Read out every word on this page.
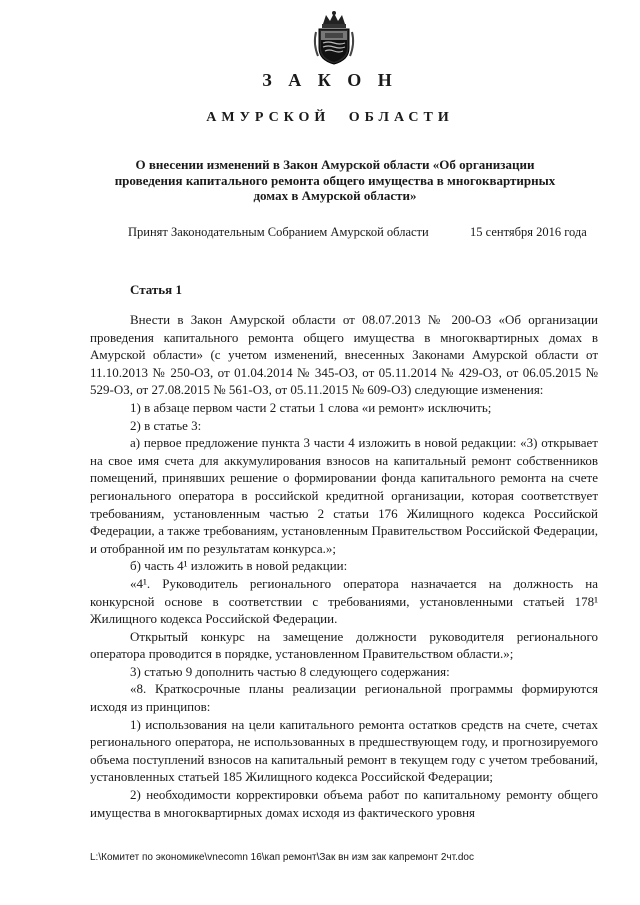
З А К О Н
АМУРСКОЙ ОБЛАСТИ
О внесении изменений в Закон Амурской области «Об организации
проведения капитального ремонта общего имущества в многоквартирных
домах в Амурской области»
Принят Законодательным Собранием Амурской области	15 сентября 2016 года
Статья 1

Внести в Закон Амурской области от 08.07.2013 № 200-ОЗ «Об организации проведения капитального ремонта общего имущества в многоквартирных домах в Амурской области» (с учетом изменений, внесенных Законами Амурской области от 11.10.2013 № 250-ОЗ, от 01.04.2014 № 345-ОЗ, от 05.11.2014 № 429-ОЗ, от 06.05.2015 № 529-ОЗ, от 27.08.2015 № 561-ОЗ, от 05.11.2015 № 609-ОЗ) следующие изменения:

1) в абзаце первом части 2 статьи 1 слова «и ремонт» исключить;

2) в статье 3:

а) первое предложение пункта 3 части 4 изложить в новой редакции: «3) открывает на свое имя счета для аккумулирования взносов на капитальный ремонт собственников помещений, принявших решение о формировании фонда капитального ремонта на счете регионального оператора в российской кредитной организации, которая соответствует требованиям, установленным частью 2 статьи 176 Жилищного кодекса Российской Федерации, а также требованиям, установленным Правительством Российской Федерации, и отобранной им по результатам конкурса.»;

б) часть 4¹ изложить в новой редакции:

«4¹. Руководитель регионального оператора назначается на должность на конкурсной основе в соответствии с требованиями, установленными статьей 178¹ Жилищного кодекса Российской Федерации.

Открытый конкурс на замещение должности руководителя регионального оператора проводится в порядке, установленном Правительством области.»;

3) статью 9 дополнить частью 8 следующего содержания:

«8. Краткосрочные планы реализации региональной программы формируются исходя из принципов:

1) использования на цели капитального ремонта остатков средств на счете, счетах регионального оператора, не использованных в предшествующем году, и прогнозируемого объема поступлений взносов на капитальный ремонт в текущем году с учетом требований, установленных статьей 185 Жилищного кодекса Российской Федерации;

2) необходимости корректировки объема работ по капитальному ремонту общего имущества в многоквартирных домах исходя из фактического уровня

L:\Комитет по экономике\vnecomn 16\кап ремонт\Зак вн изм зак капремонт 2чт.doc
